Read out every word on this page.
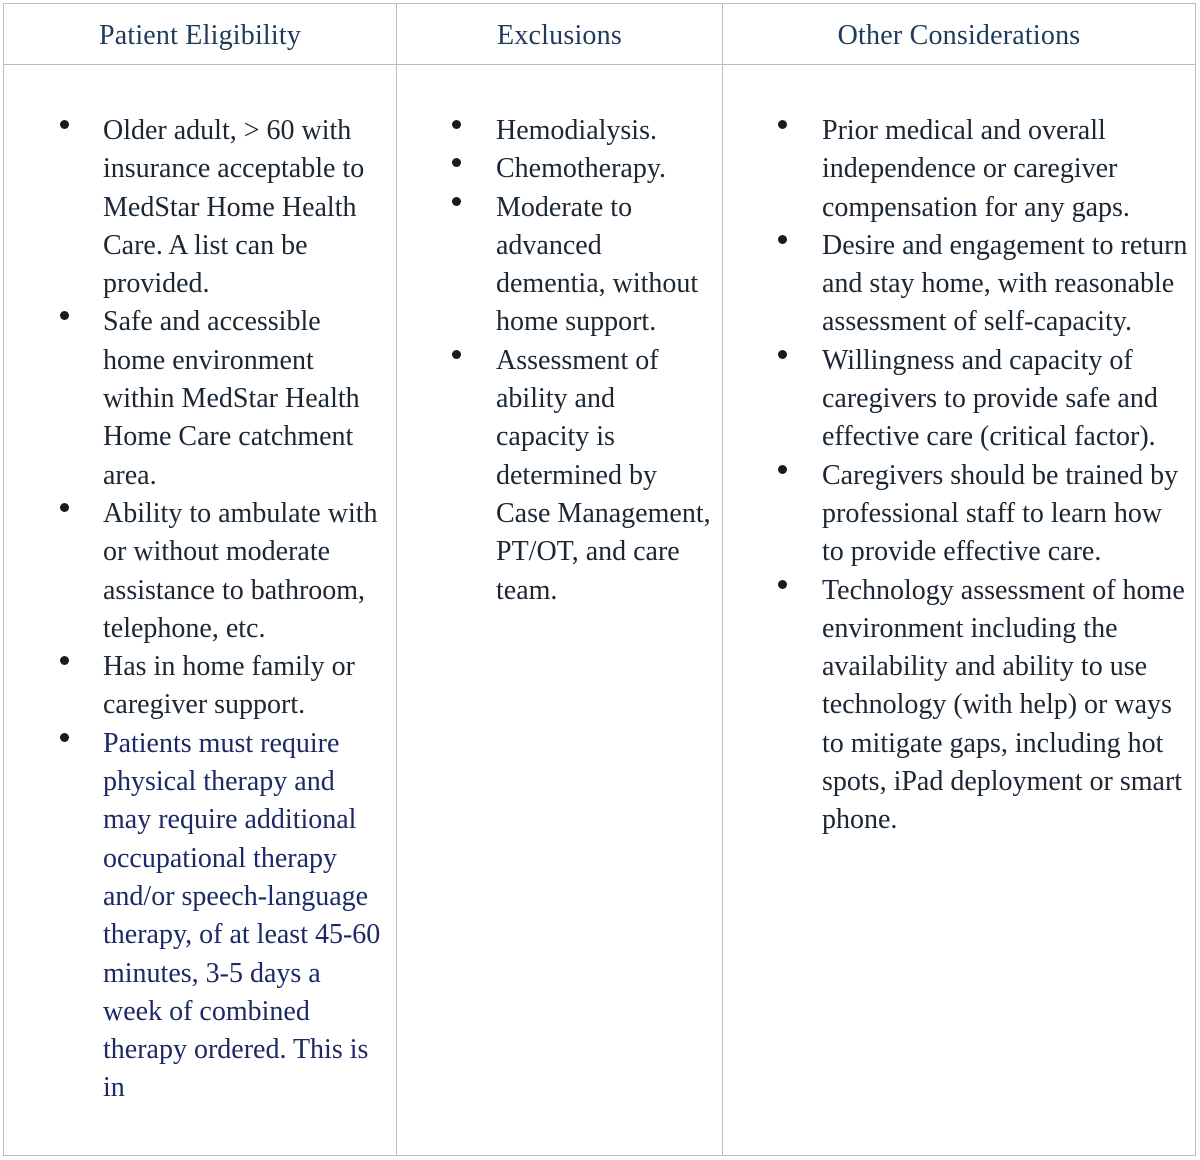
Patient Eligibility	Exclusions	Other Considerations
Older adult, > 60 with insurance acceptable to MedStar Home Health Care. A list can be provided.
Safe and accessible home environment within MedStar Health Home Care catchment area.
Ability to ambulate with or without moderate assistance to bathroom, telephone, etc.
Has in home family or caregiver support.
Patients must require physical therapy and may require additional occupational therapy and/or speech-language therapy, of at least 45-60 minutes, 3-5 days a week of combined therapy ordered. This is in
Hemodialysis.
Chemotherapy.
Moderate to advanced dementia, without home support.
Assessment of ability and capacity is determined by Case Management, PT/OT, and care team.
Prior medical and overall independence or caregiver compensation for any gaps.
Desire and engagement to return and stay home, with reasonable assessment of self-capacity.
Willingness and capacity of caregivers to provide safe and effective care (critical factor).
Caregivers should be trained by professional staff to learn how to provide effective care.
Technology assessment of home environment including the availability and ability to use technology (with help) or ways to mitigate gaps, including hot spots, iPad deployment or smart phone.
